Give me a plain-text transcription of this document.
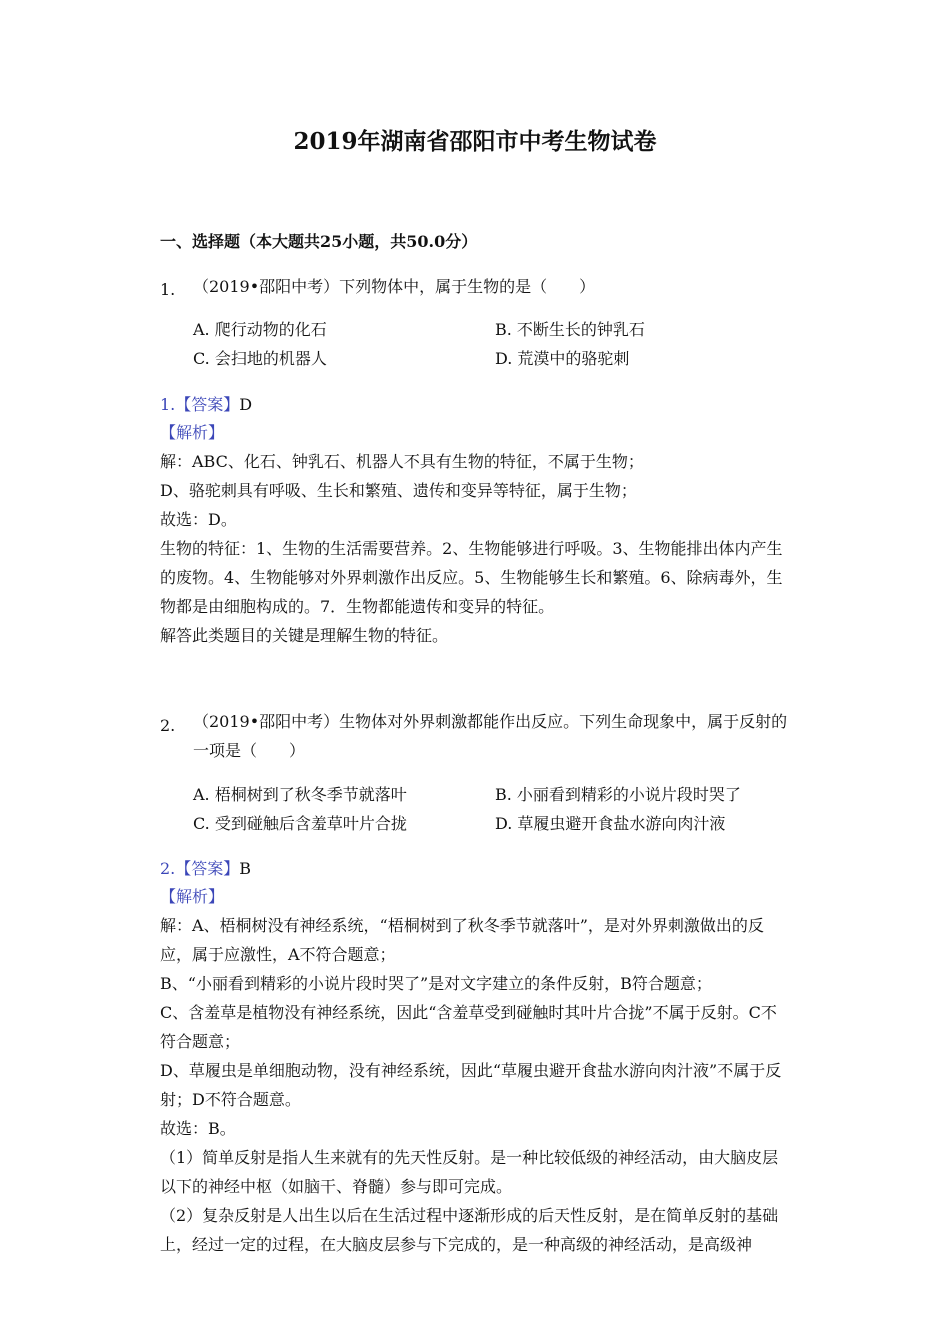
2019年湖南省邵阳市中考生物试卷
一、选择题（本大题共25小题，共50.0分）
1. （2019•邵阳中考）下列物体中，属于生物的是（　　）
A. 爬行动物的化石	B. 不断生长的钟乳石
C. 会扫地的机器人	D. 荒漠中的骆驼刺
1.【答案】D
【解析】

解：ABC、化石、钟乳石、机器人不具有生物的特征，不属于生物；

D、骆驼刺具有呼吸、生长和繁殖、遗传和变异等特征，属于生物；

故选：D。

生物的特征：1、生物的生活需要营养。2、生物能够进行呼吸。3、生物能排出体内产生的废物。4、生物能够对外界刺激作出反应。5、生物能够生长和繁殖。6、除病毒外，生物都是由细胞构成的。7．生物都能遗传和变异的特征。

解答此类题目的关键是理解生物的特征。

2. （2019•邵阳中考）生物体对外界刺激都能作出反应。下列生命现象中，属于反射的一项是（　　）
A. 梧桐树到了秋冬季节就落叶	B. 小丽看到精彩的小说片段时哭了
C. 受到碰触后含羞草叶片合拢	D. 草履虫避开食盐水游向肉汁液
2.【答案】B
【解析】

解：A、梧桐树没有神经系统，“梧桐树到了秋冬季节就落叶”，是对外界刺激做出的反应，属于应激性，A不符合题意；

B、“小丽看到精彩的小说片段时哭了”是对文字建立的条件反射，B符合题意；

C、含羞草是植物没有神经系统，因此“含羞草受到碰触时其叶片合拢”不属于反射。C不符合题意；

D、草履虫是单细胞动物，没有神经系统，因此“草履虫避开食盐水游向肉汁液”不属于反射；D不符合题意。

故选：B。

（1）简单反射是指人生来就有的先天性反射。是一种比较低级的神经活动，由大脑皮层以下的神经中枢（如脑干、脊髓）参与即可完成。

（2）复杂反射是人出生以后在生活过程中逐渐形成的后天性反射，是在简单反射的基础上，经过一定的过程，在大脑皮层参与下完成的，是一种高级的神经活动，是高级神
